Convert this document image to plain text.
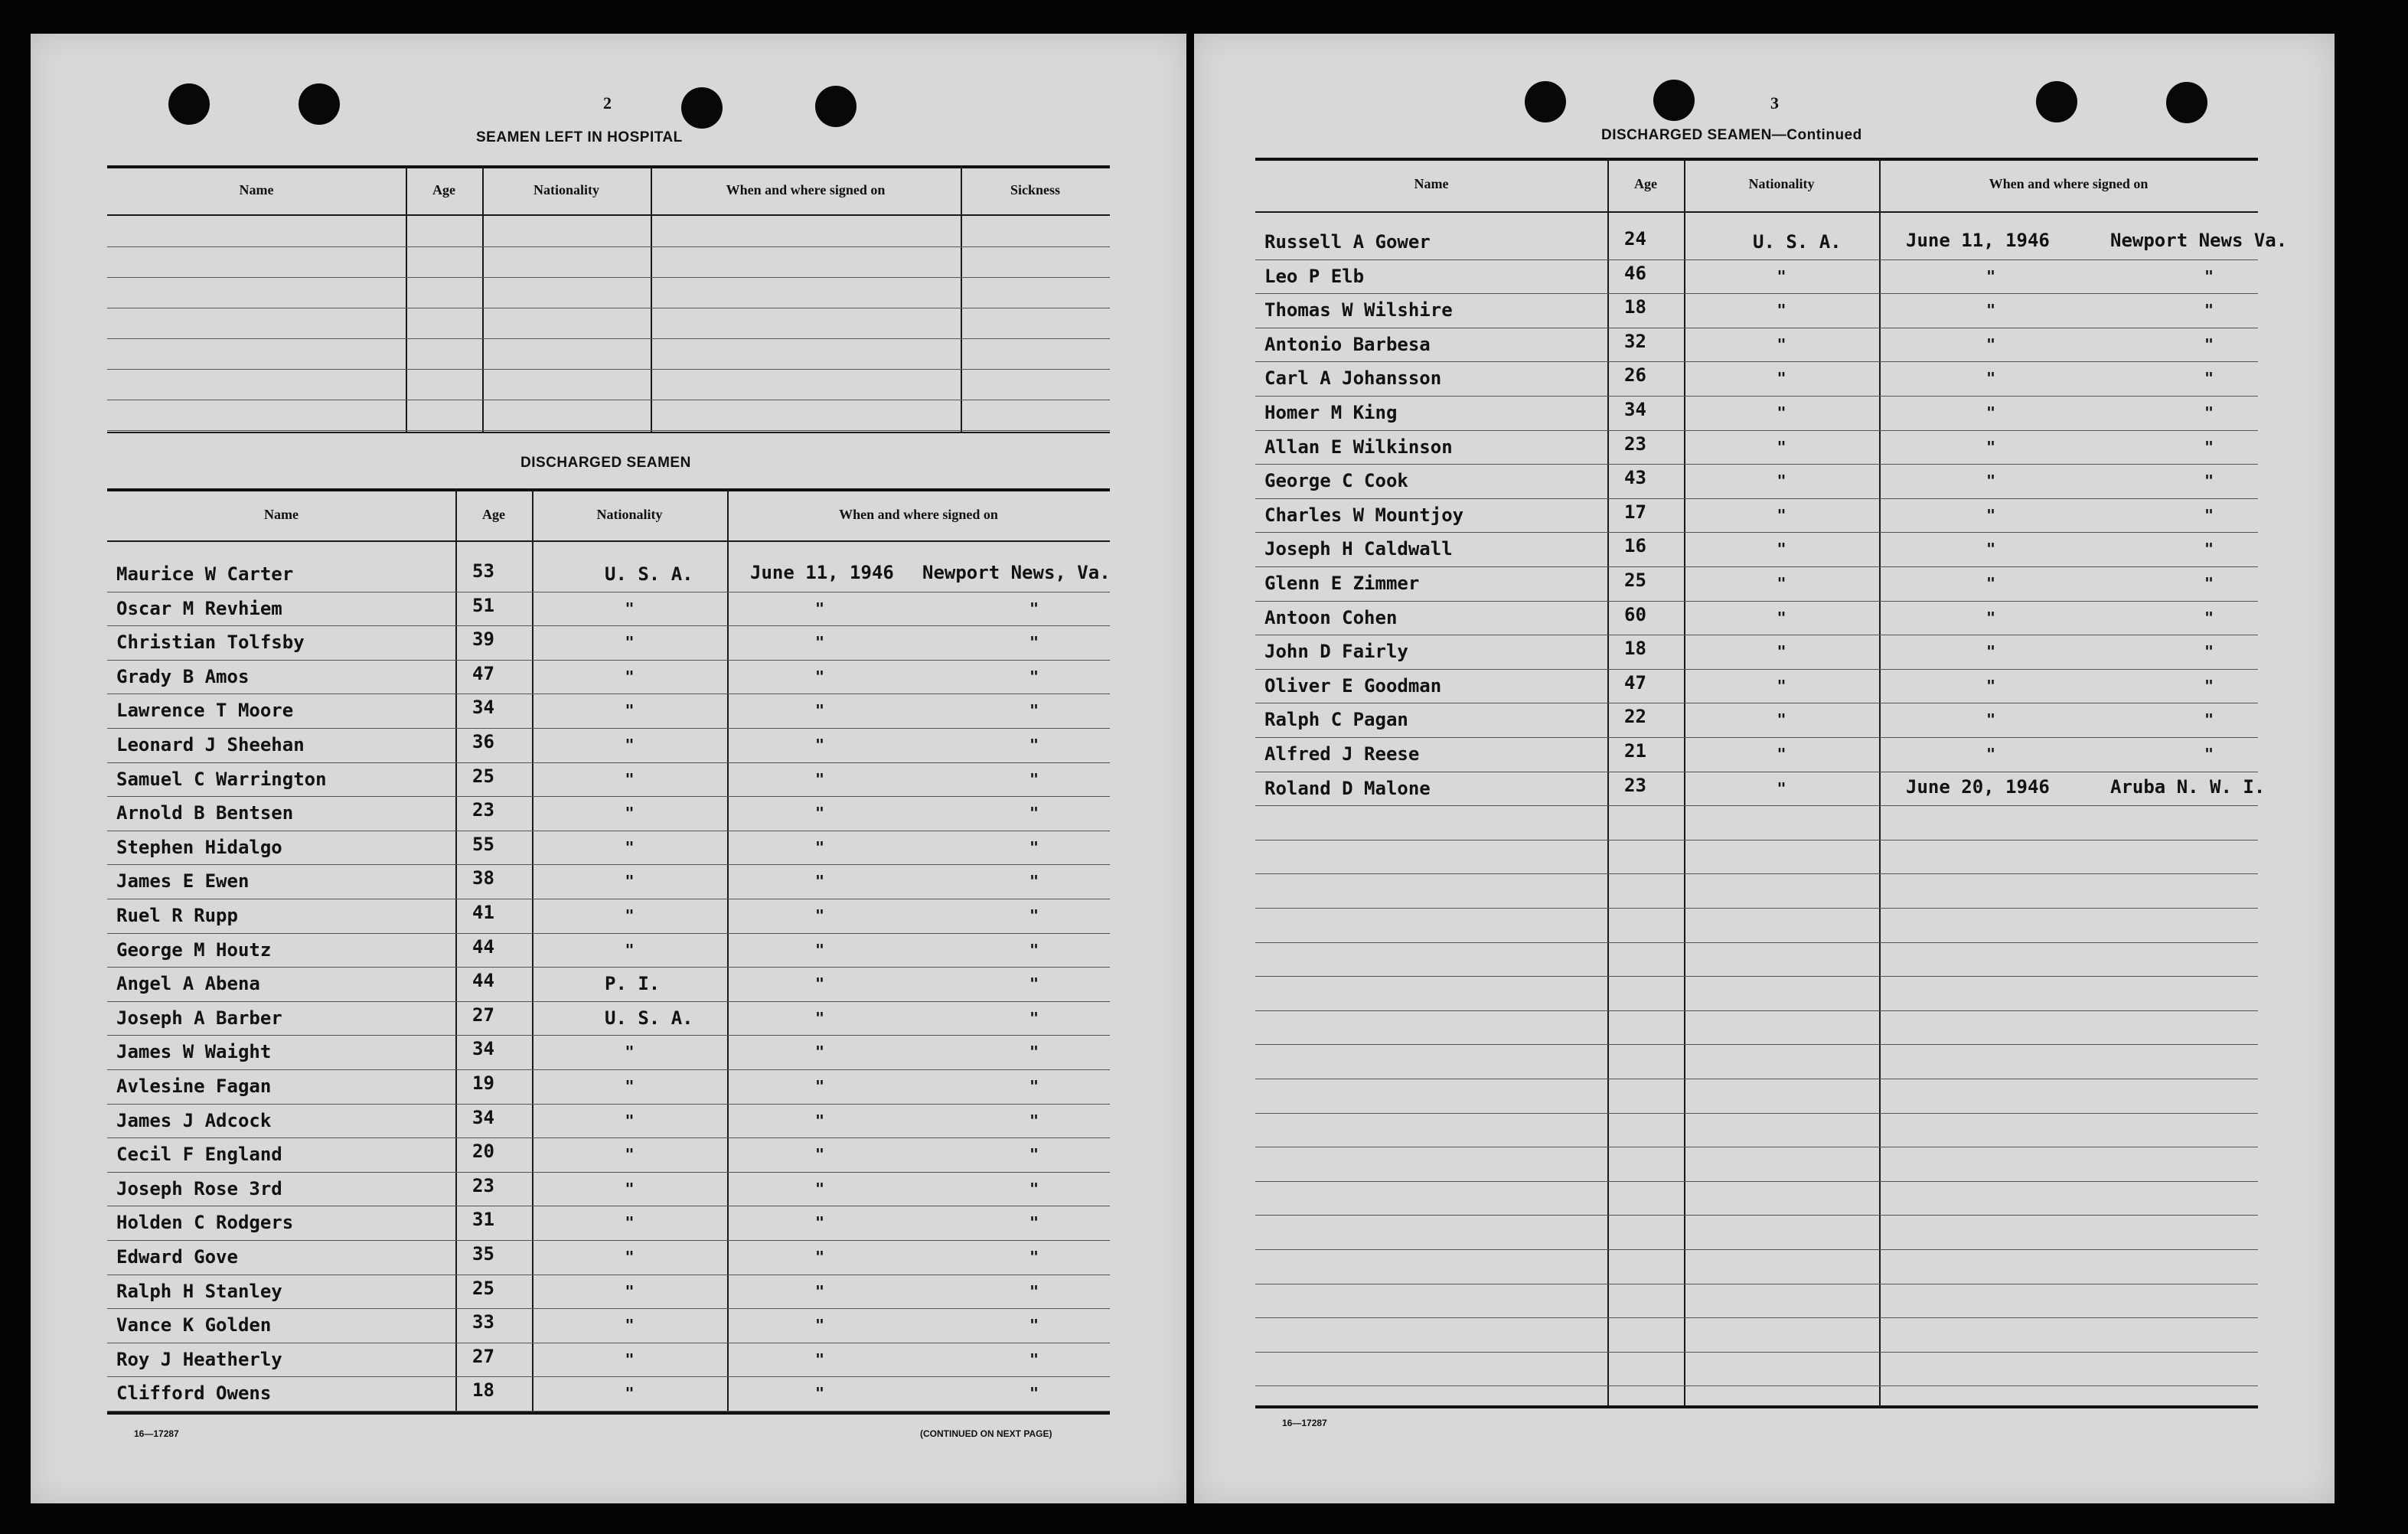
2
SEAMEN LEFT IN HOSPITAL
Name	Age	Nationality	When and where signed on	Sickness
DISCHARGED SEAMEN
Name	Age	Nationality	When and where signed on
Maurice W Carter	53	U. S. A.	June 11, 1946 Newport News, Va.
Oscar M Revhiem	51	"	"	"
Christian Tolfsby	39	"	"	"
Grady B Amos	47	"	"	"
Lawrence T Moore	34	"	"	"
Leonard J Sheehan	36	"	"	"
Samuel C Warrington	25	"	"	"
Arnold B Bentsen	23	"	"	"
Stephen Hidalgo	55	"	"	"
James E Ewen	38	"	"	"
Ruel R Rupp	41	"	"	"
George M Houtz	44	"	"	"
Angel A Abena	44	P. I.	"	"
Joseph A Barber	27	U. S. A.	"	"
James W Waight	34	"	"	"
Avlesine Fagan	19	"	"	"
James J Adcock	34	"	"	"
Cecil F England	20	"	"	"
Joseph Rose 3rd	23	"	"	"
Holden C Rodgers	31	"	"	"
Edward Gove	35	"	"	"
Ralph H Stanley	25	"	"	"
Vance K Golden	33	"	"	"
Roy J Heatherly	27	"	"	"
Clifford Owens	18	"	"	"
16—17287	(CONTINUED ON NEXT PAGE)
3
DISCHARGED SEAMEN—Continued
Name	Age	Nationality	When and where signed on
Russell A Gower	24	U. S. A.	June 11, 1946	Newport News Va.
Leo P Elb	46	"	"	"
Thomas W Wilshire	18	"	"	"
Antonio Barbesa	32	"	"	"
Carl A Johansson	26	"	"	"
Homer M King	34	"	"	"
Allan E Wilkinson	23	"	"	"
George C Cook	43	"	"	"
Charles W Mountjoy	17	"	"	"
Joseph H Caldwall	16	"	"	"
Glenn E Zimmer	25	"	"	"
Antoon Cohen	60	"	"	"
John D Fairly	18	"	"	"
Oliver E Goodman	47	"	"	"
Ralph C Pagan	22	"	"	"
Alfred J Reese	21	"	"	"
Roland D Malone	23	"	June 20, 1946	Aruba N. W. I.
16—17287
